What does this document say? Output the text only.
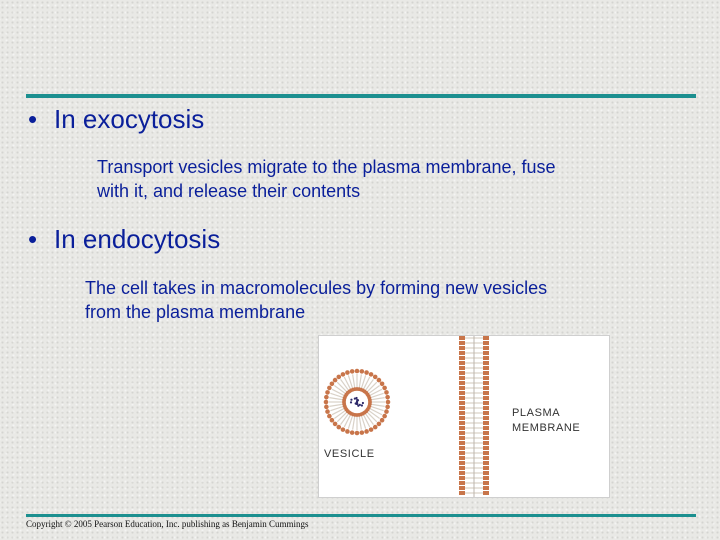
• In exocytosis
Transport vesicles migrate to the plasma membrane, fuse
with it, and release their contents
• In endocytosis
The cell takes in macromolecules by forming new vesicles
from the plasma membrane
PLASMA
MEMBRANE
VESICLE
Copyright © 2005 Pearson Education, Inc. publishing as Benjamin Cummings
